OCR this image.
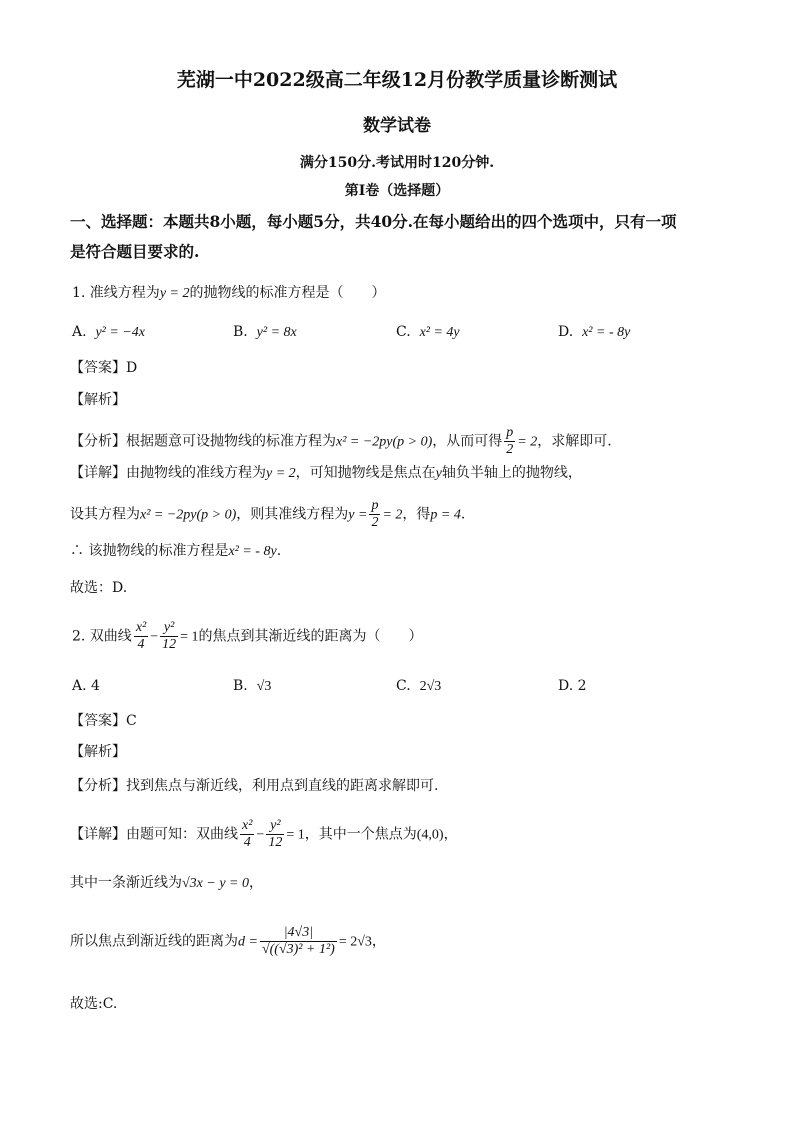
芜湖一中2022级高二年级12月份教学质量诊断测试
数学试卷
满分150分.考试用时120分钟.
第I卷（选择题）
一、选择题：本题共8小题，每小题5分，共40分.在每小题给出的四个选项中，只有一项
是符合题目要求的.
1. 准线方程为y = 2的抛物线的标准方程是（　　）
A. y² = −4x	B. y² = 8x	C. x² = 4y	D. x² = - 8y
【答案】D
【解析】
【分析】根据题意可设抛物线的标准方程为x² = −2py(p > 0)，从而可得 $\frac{p}{2} = 2$，求解即可.
【详解】由抛物线的准线方程为y = 2，可知抛物线是焦点在y轴负半轴上的抛物线，
设其方程为x² = −2py(p > 0)，则其准线方程为$y = \frac{p}{2} = 2$，得p = 4.
∴ 该抛物线的标准方程是x² = - 8y.
故选：D.
2. 双曲线 $\frac{\text{x²}}{4} - \frac{\text{y²}}{12} = 1$的焦点到其渐近线的距离为（　　）
A. 4	B. √3	C. 2√3	D. 2
【答案】C
【解析】
【分析】找到焦点与渐近线，利用点到直线的距离求解即可.
【详解】由题可知：双曲线 $\frac{\text{x²}}{4} - \frac{\text{y²}}{12} = 1$，其中一个焦点为(4,0)，
其中一条渐近线为√3x − y = 0，
所以焦点到渐近线的距离为$d = \frac{|4√3|}{\text{√((√3)² + 1²)}} = 2√3$，
故选:C.
